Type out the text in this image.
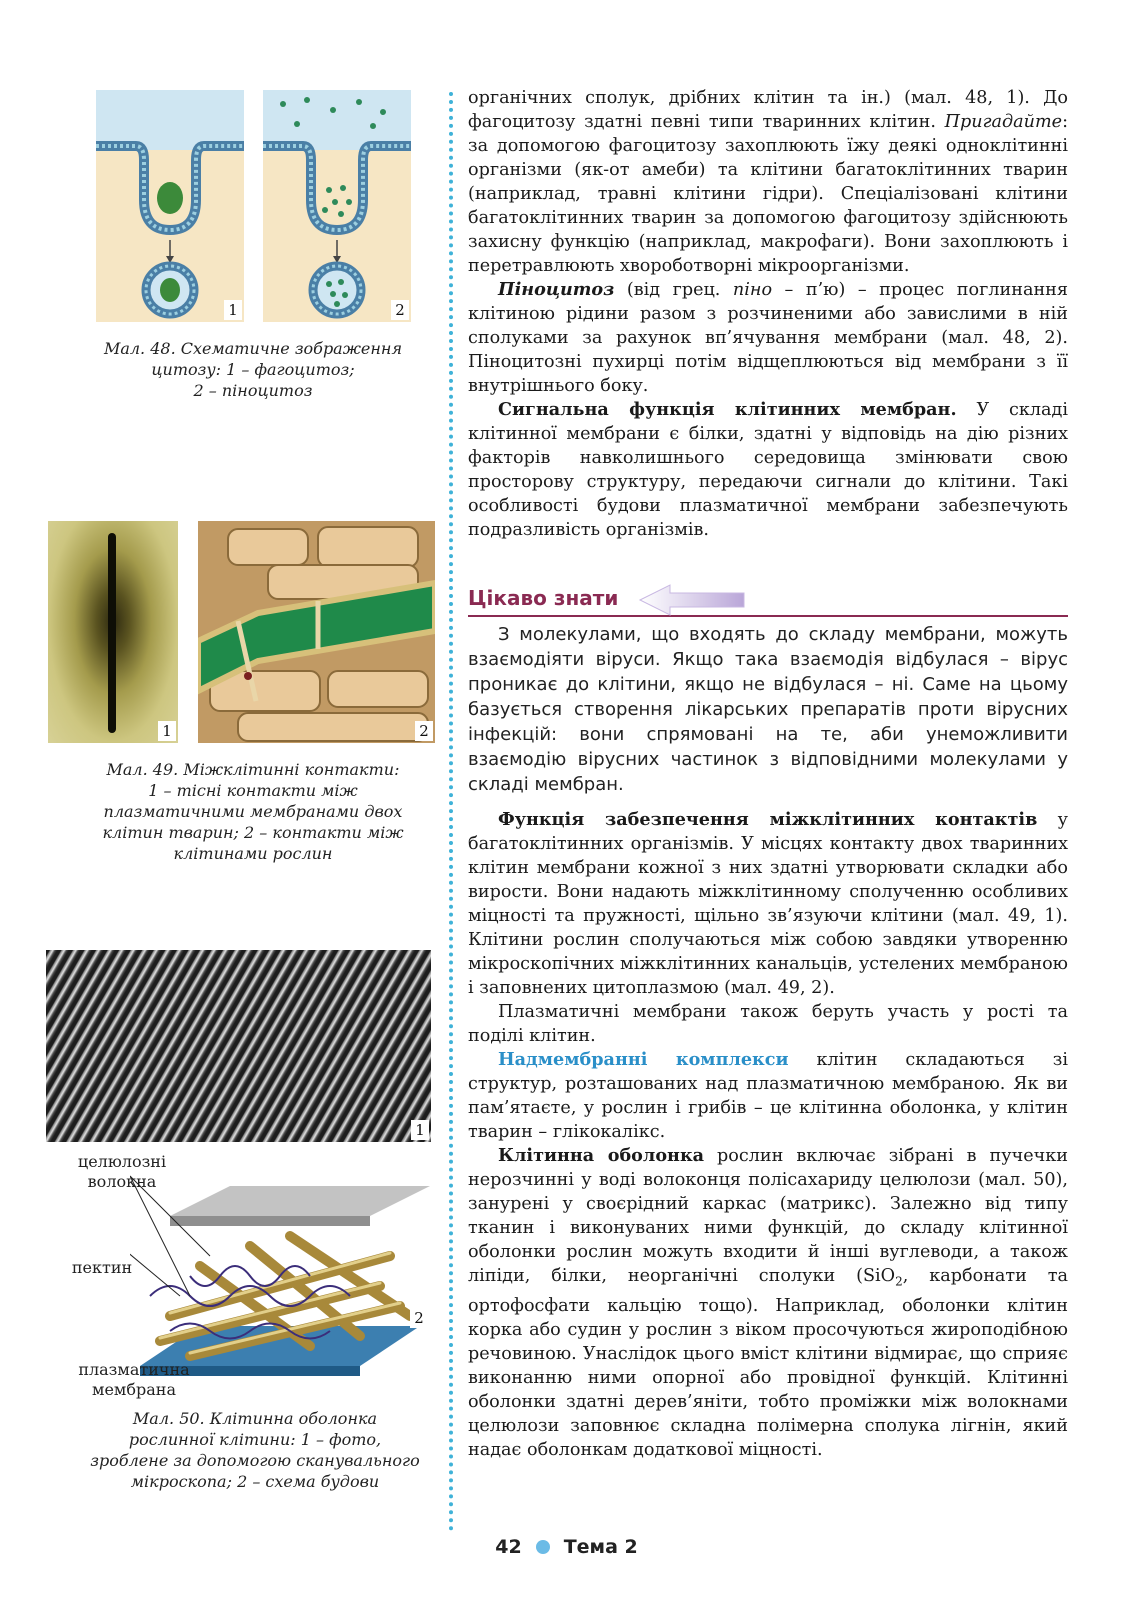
1	2
Мал. 48. Схематичне зображення
цитозу: 1 – фагоцитоз;
2 – піноцитоз
1	2
Мал. 49. Міжклітинні контакти:
1 – тісні контакти між
плазматичними мембранами двох
клітин тварин; 2 – контакти між
клітинами рослин
1
2
целюлозні
волокна
пектин
плазматична
мембрана
Мал. 50. Клітинна оболонка
рослинної клітини: 1 – фото,
зроблене за допомогою сканувального
мікроскопа; 2 – схема будови

органічних сполук, дрібних клітин та ін.) (мал. 48, 1). До фагоцитозу здатні певні типи тваринних клітин. Пригадайте: за допомогою фагоцитозу захоплюють їжу деякі одноклітинні організми (як-от амеби) та клітини багатоклітинних тварин (наприклад, травні клітини гідри). Спеціалізовані клітини багатоклітинних тварин за допомогою фагоцитозу здійснюють захисну функцію (наприклад, макрофаги). Вони захоплюють і перетравлюють хвороботворні мікроорганізми.

Піноцитоз (від грец. піно – п’ю) – процес поглинання клітиною рідини разом з розчиненими або завислими в ній сполуками за рахунок вп’ячування мембрани (мал. 48, 2). Піноцитозні пухирці потім відщеплюються від мембрани з її внутрішнього боку.

Сигнальна функція клітинних мембран. У складі клітинної мембрани є білки, здатні у відповідь на дію різних факторів навколишнього середовища змінювати свою просторову структуру, передаючи сигнали до клітини. Такі особливості будови плазматичної мембрани забезпечують подразливість організмів.

Цікаво знати

З молекулами, що входять до складу мембрани, можуть взаємодіяти віруси. Якщо така взаємодія відбулася – вірус проникає до клітини, якщо не відбулася – ні. Саме на цьому базується створення лікарських препаратів проти вірусних інфекцій: вони спрямовані на те, аби унеможливити взаємодію вірусних частинок з відповідними молекулами у складі мембран.

Функція забезпечення міжклітинних контактів у багатоклітинних організмів. У місцях контакту двох тваринних клітин мембрани кожної з них здатні утворювати складки або вирости. Вони надають міжклітинному сполученню особливих міцності та пружності, щільно зв’язуючи клітини (мал. 49, 1). Клітини рослин сполучаються між собою завдяки утворенню мікроскопічних міжклітинних канальців, устелених мембраною і заповнених цитоплазмою (мал. 49, 2).

Плазматичні мембрани також беруть участь у рості та поділі клітин.

Надмембранні комплекси клітин складаються зі структур, розташованих над плазматичною мембраною. Як ви пам’ятаєте, у рослин і грибів – це клітинна оболонка, у клітин тварин – глікокалікс.

Клітинна оболонка рослин включає зібрані в пучечки нерозчинні у воді волоконця полісахариду целюлози (мал. 50), занурені у своєрідний каркас (матрикс). Залежно від типу тканин і виконуваних ними функцій, до складу клітинної оболонки рослин можуть входити й інші вуглеводи, а також ліпіди, білки, неорганічні сполуки (SiO$_2$, карбонати та ортофосфати кальцію тощо). Наприклад, оболонки клітин корка або судин у рослин з віком просочуються жироподібною речовиною. Унаслідок цього вміст клітини відмирає, що сприяє виконанню ними опорної або провідної функцій. Клітинні оболонки здатні дерев’яніти, тобто проміжки між волокнами целюлози заповнює складна полімерна сполука лігнін, який надає оболонкам додаткової міцності.

42 Тема 2
